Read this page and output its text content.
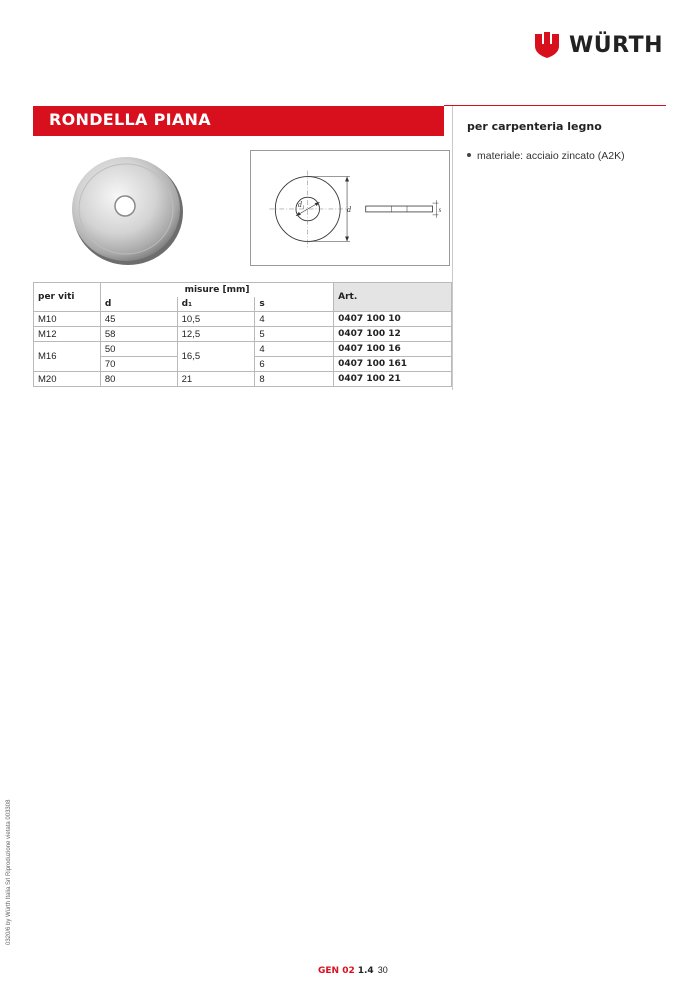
WÜRTH
RONDELLA PIANA	per carpenteria legno
materiale: acciaio zincato (A2K)
d₁
d	s
per viti	misure [mm]			Art.
	d	d₁	s	
M10	45	10,5	4	0407 100 10
M12	58	12,5	5	0407 100 12
M16	50	16,5	4	0407 100 16
	70		6	0407 100 161
M20	80	21	8	0407 100 21
0320/6 by Würth Italia Srl Riproduzione vietata 003308
GEN 02 1.4 30
